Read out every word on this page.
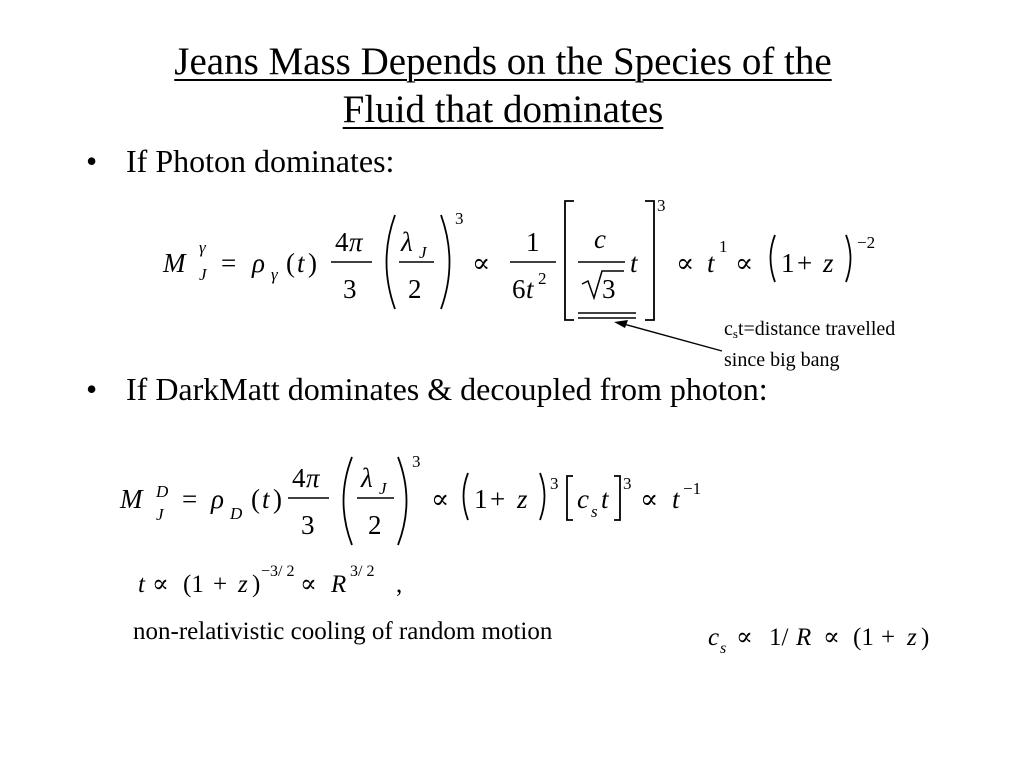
Jeans Mass Depends on the Species of the
Fluid that dominates
• If Photon dominates:
• If DarkMatt dominates & decoupled from photon:
M
γ
J = ρ γ ( t )
4 π
3
λ J
2
3
∝
1
6 t 2
c
3
t
3
∝ t
1
∝ 1 + z
−2
M D
J
= ρ D ( t )
4 π
3
λ J
2
3
∝ 1 + z
3
c s t
3
∝ t −1
t ∝ (1 + z ) −3/ 2 ∝ R 3/ 2 ,
c s ∝ 1/ R ∝ (1 + z )
$c_st=distance$ travelled
since big bang
non-relativistic cooling of random motion
